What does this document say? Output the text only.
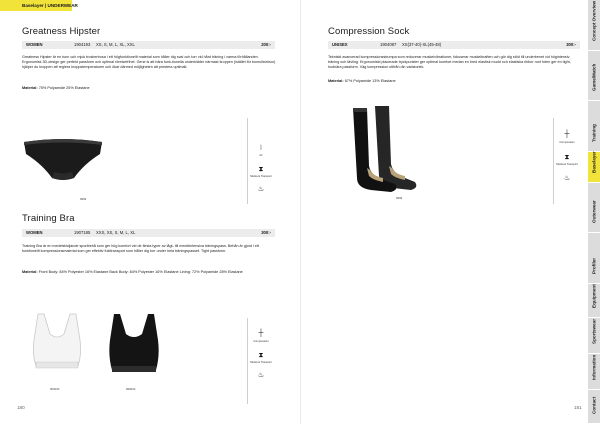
Baselayer | UNDERWEAR
Greatness Hipster
WOMEN	1904193 XS, S, M, L, XL, XXL	200:-
Greatness Hipster är en tunn och mjuk trosbertrosa i ett högfunktionellt material som håller dig sval och torr vid hård träning i varma förhållanden. Ergonomisk 3D-design ger perfekt passform och optimal rörelsefrihet. Gene is att bära funk-tionella underkläder närmast kroppen (istället för bomullströsor) hjälper du kroppen att reglera kroppstemperaturen och ökar därmed möjligheten att prestera optimalt.
Material: 75% Polyamide 25% Elastane
9999
⦚
Air
⧗
Moisture Transport
♨
Training Bra
WOMEN	1907185 XXS, XS, S, M, L, XL	300:-
Training Bra är en medelstödjande sportbehå som ger hög komfort vid de flesta typer av lågt- till medelintensiva träningspass. Behån är gjord i ett funktionellt kompressionsmaterial som ger effektiv fukttransport som håller dig torr under hela träningspasset. Tight passform.
Material: Front Body: 84% Polyester 16% Elastane Back Body: 84% Polyester 16% Elastane Lining: 72% Polyamide 28% Elastane
900000	999000
┼
Compression
⧗
Moisture Transport
♨
Compression Sock
UNISEX	1904087 XS(37-40)-XL(45-48)	300:-
Tekniskt avancerad kompressionsstrumpa som reducerar muskelvibrationer, fokuserar muskelkraften och gör dig stöd till underbenet vid högintensiv träning och tävling. Ergonomiskt placerade tryckpunkter ger optimal komfort medan en bred elastisk mudd och elastiska ribbor runt foten ger en tight, hudnära passform. Väg kompression utifrån din vadstorlek.
Material: 67% Polyamide 13% Elastane
9999
┼
Compression
⧗
Moisture Transport
♨
180	181
Concept Overview
Game/Match
Training
Baselayer
Outerwear
Profiler
Equipment
Sportswear
Information
Contact
